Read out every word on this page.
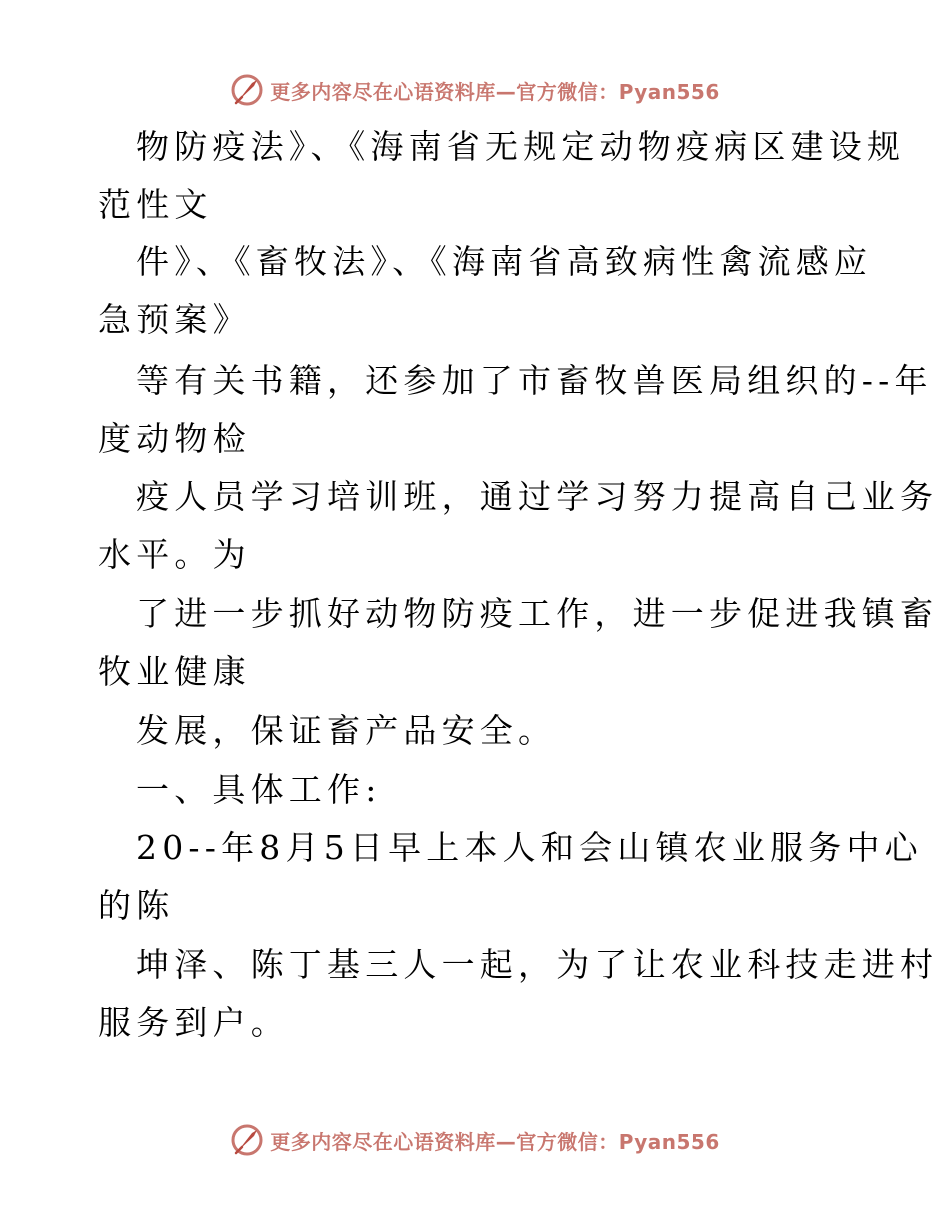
更多内容尽在心语资料库—官方微信：Pyan556
物防疫法》、《海南省无规定动物疫病区建设规
范性文
件》、《畜牧法》、《海南省高致病性禽流感应
急预案》
等有关书籍，还参加了市畜牧兽医局组织的--年
度动物检
疫人员学习培训班，通过学习努力提高自己业务
水平。为
了进一步抓好动物防疫工作，进一步促进我镇畜
牧业健康
发展，保证畜产品安全。
一、具体工作:
20--年8月5日早上本人和会山镇农业服务中心
的陈
坤泽、陈丁基三人一起，为了让农业科技走进村
服务到户。
更多内容尽在心语资料库—官方微信：Pyan556
